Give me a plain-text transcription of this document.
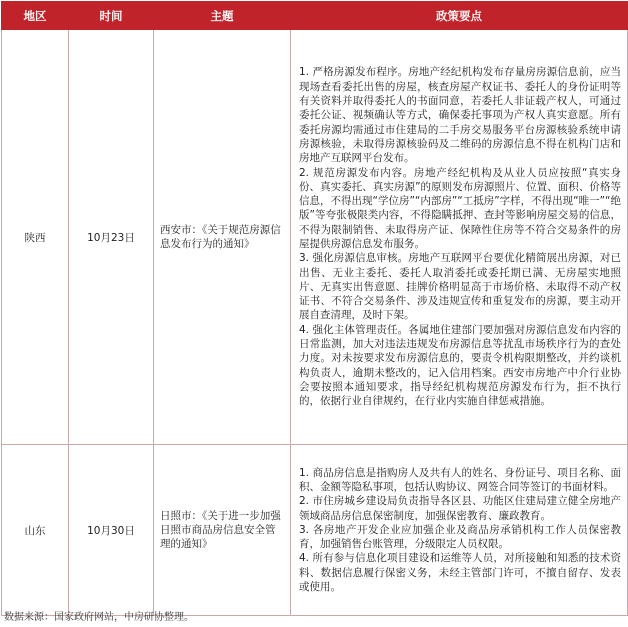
地区	时间	主题	政策要点
陕西	10月23日	西安市：《关于规范房源信息发布行为的通知》	1. 严格房源发布程序。房地产经纪机构发布存量房房源信息前，应当现场查看委托出售的房屋，核查房屋产权证书、委托人的身份证明等有关资料并取得委托人的书面同意，若委托人非证载产权人，可通过委托公证、视频确认等方式，确保委托事项为产权人真实意愿。所有委托房源均需通过市住建局的二手房交易服务平台房源核验系统申请房源核验，未取得房源核验码及二维码的房源信息不得在机构门店和房地产互联网平台发布。

2. 规范房源发布内容。房地产经纪机构及从业人员应按照“真实身份、真实委托、真实房源”的原则发布房源照片、位置、面积、价格等信息，不得出现“学位房”“内部房”“工抵房”字样，不得出现“唯一”“绝版”等夸张极限类内容，不得隐瞒抵押、查封等影响房屋交易的信息，不得为限制销售、未取得房产证、保障性住房等不符合交易条件的房屋提供房源信息发布服务。

3. 强化房源信息审核。房地产互联网平台要优化精简展出房源，对已出售、无业主委托、委托人取消委托或委托期已满、无房屋实地照片、无真实出售意愿、挂牌价格明显高于市场价格、未取得不动产权证书、不符合交易条件、涉及违规宣传和重复发布的房源，要主动开展自查清理，及时下架。

4. 强化主体管理责任。各属地住建部门要加强对房源信息发布内容的日常监测，加大对违法违规发布房源信息等扰乱市场秩序行为的查处力度。对未按要求发布房源信息的，要责令机构限期整改，并约谈机构负责人，逾期未整改的，记入信用档案。西安市房地产中介行业协会要按照本通知要求，指导经纪机构规范房源发布行为，拒不执行的，依据行业自律规约，在行业内实施自律惩戒措施。

山东	10月30日	日照市：《关于进一步加强日照市商品房信息安全管理的通知》	1. 商品房信息是指购房人及共有人的姓名、身份证号、项目名称、面积、金额等隐私事项，包括认购协议、网签合同等签订的书面材料。

2. 市住房城乡建设局负责指导各区县、功能区住建局建立健全房地产领域商品房信息保密制度，加强保密教育、廉政教育。

3. 各房地产开发企业应加强企业及商品房承销机构工作人员保密教育，加强销售台账管理，分级限定人员权限。

4. 所有参与信息化项目建设和运维等人员，对所接触和知悉的技术资料、数据信息履行保密义务，未经主管部门许可，不擅自留存、发表或使用。

数据来源：国家政府网站，中房研协整理。
